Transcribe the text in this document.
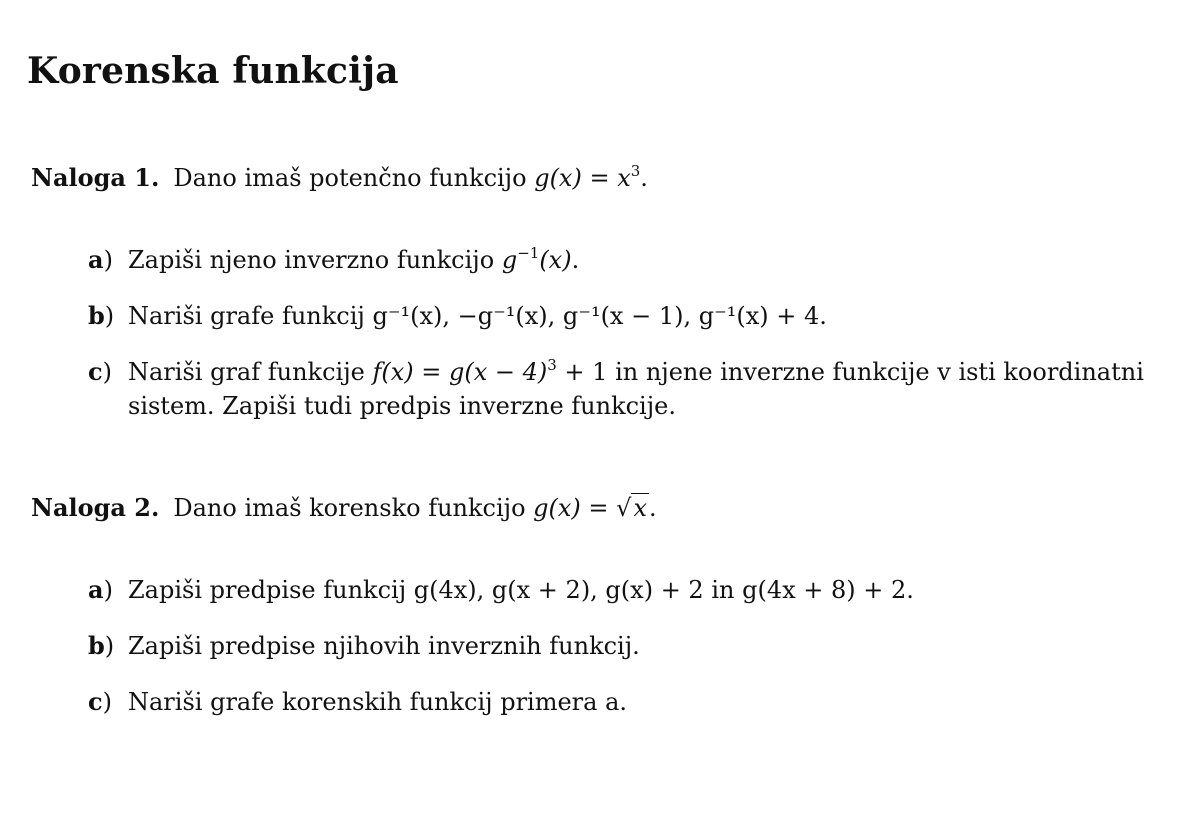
Korenska funkcija
Naloga 1. Dano imaš potenčno funkcijo $g(x) = x^3$.
a) Zapiši njeno inverzno funkcijo $g^{-1}(x)$.
b) Nariši grafe funkcij g⁻¹(x), −g⁻¹(x), g⁻¹(x − 1), g⁻¹(x) + 4.
c) Nariši graf funkcije $f(x) = g(x - 4)^3 + 1$ in njene inverzne funkcije v isti koordinatni
sistem. Zapiši tudi predpis inverzne funkcije.
Naloga 2. Dano imaš korensko funkcijo g(x) = √x.
a) Zapiši predpise funkcij g(4x), g(x + 2), g(x) + 2 in g(4x + 8) + 2.
b) Zapiši predpise njihovih inverznih funkcij.
c) Nariši grafe korenskih funkcij primera a.
